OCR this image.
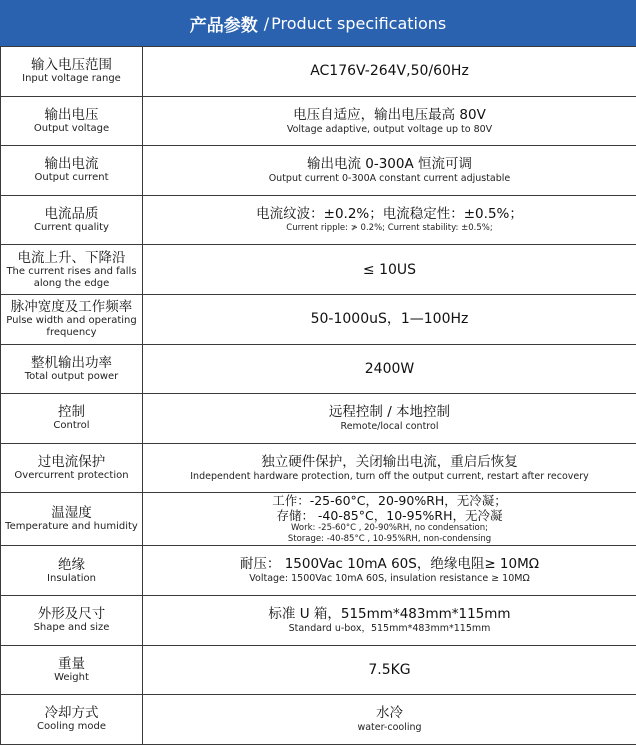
产品参数 / Product specifications
输入电压范围
Input voltage range	AC176V-264V,50/60Hz

输出电压
Output voltage	电压自适应，输出电压最高 80V
Voltage adaptive, output voltage up to 80V

输出电流
Output current	输出电流 0-300A 恒流可调
Output current 0-300A constant current adjustable

电流品质
Current quality	电流纹波：±0.2%；电流稳定性：±0.5%；
Current ripple: ≯ 0.2%; Current stability: ±0.5%;

电流上升、下降沿
The current rises and falls along the edge	≤ 10US

脉冲宽度及工作频率
Pulse width and operating frequency	50-1000uS，1—100Hz

整机输出功率
Total output power	2400W

控制
Control	远程控制 / 本地控制
Remote/local control

过电流保护
Overcurrent protection	独立硬件保护，关闭输出电流，重启后恢复
Independent hardware protection, turn off the output current, restart after recovery

温湿度
Temperature and humidity	工作：-25-60°C，20-90%RH，无冷凝；
存储： -40-85°C，10-95%RH，无冷凝
Work: -25-60°C , 20-90%RH, no condensation;
Storage: -40-85°C , 10-95%RH, non-condensing

绝缘
Insulation	耐压： 1500Vac 10mA 60S，绝缘电阻≥ 10MΩ
Voltage: 1500Vac 10mA 60S, insulation resistance ≥ 10MΩ

外形及尺寸
Shape and size	标准 U 箱，515mm*483mm*115mm
Standard u-box，515mm*483mm*115mm

重量
Weight	7.5KG

冷却方式
Cooling mode	水冷
water-cooling
